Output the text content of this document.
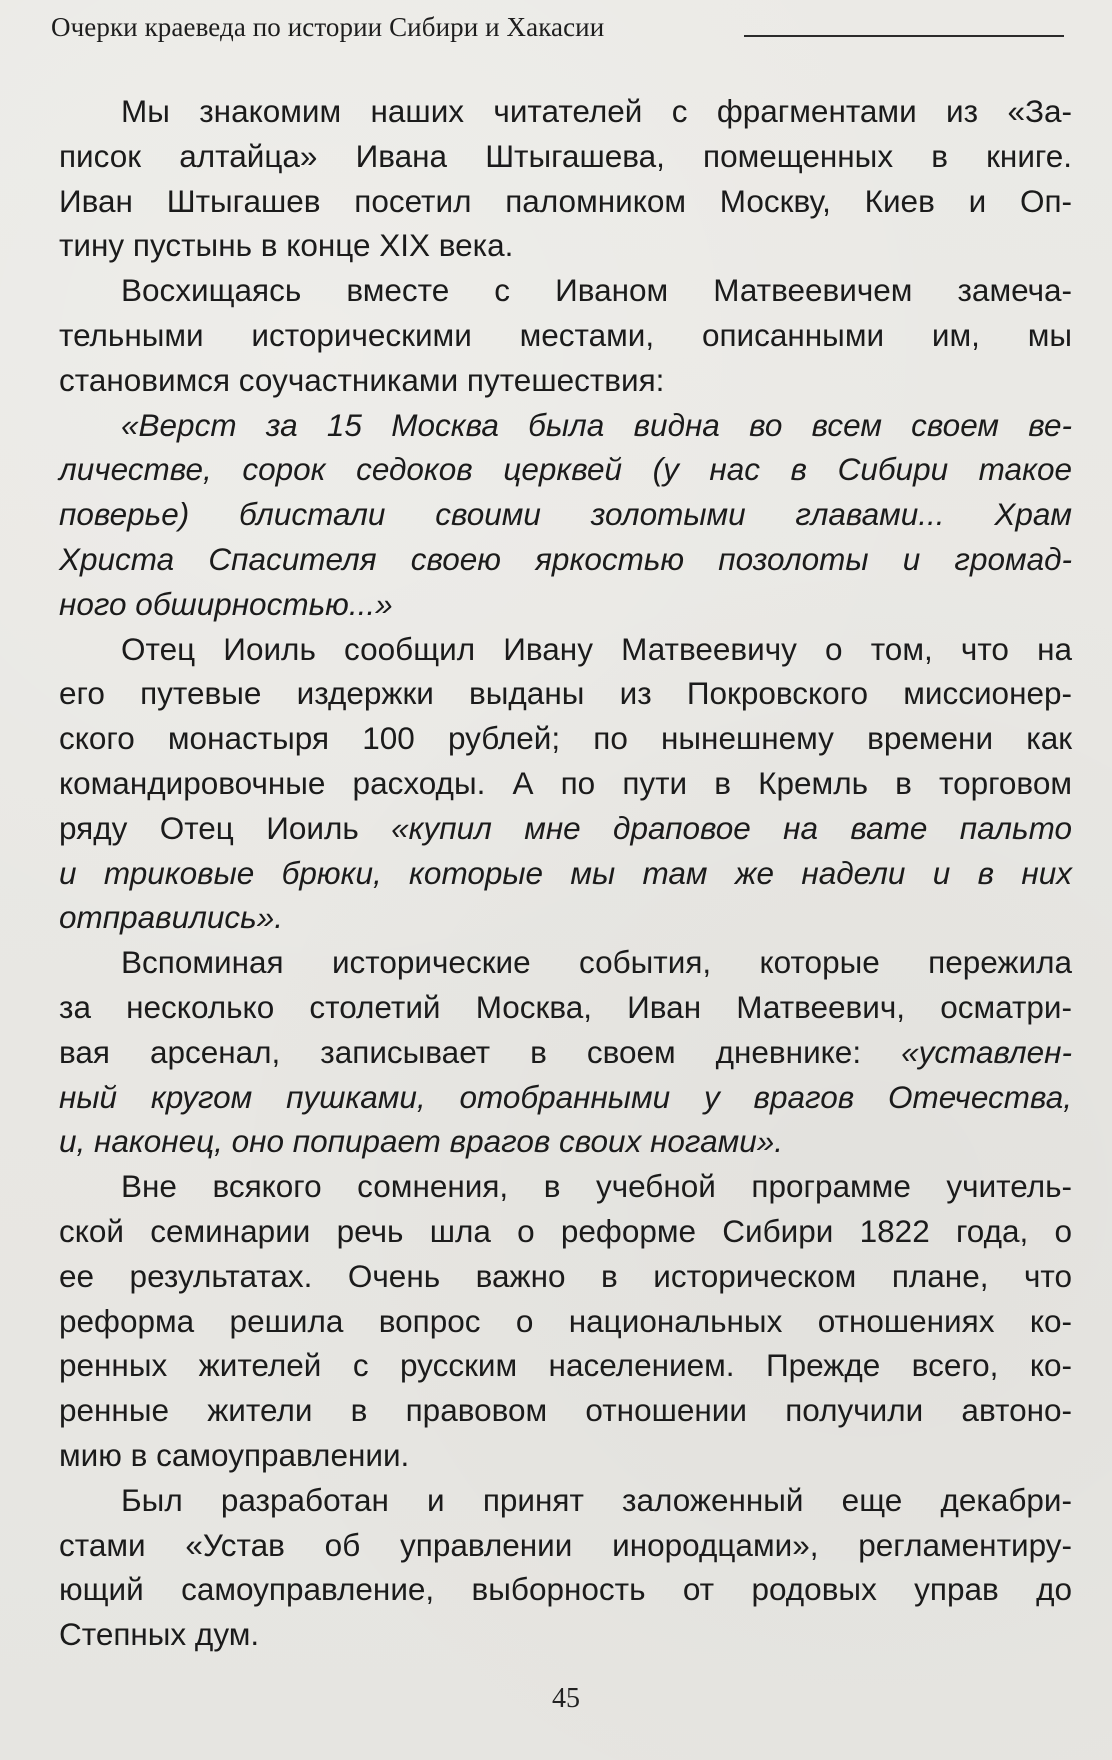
Очерки краеведа по истории Сибири и Хакасии
Мы знакомим наших читателей с фрагментами из «За-
писок алтайца» Ивана Штыгашева, помещенных в книге.
Иван Штыгашев посетил паломником Москву, Киев и Оп-
тину пустынь в конце XIX века.
Восхищаясь вместе с Иваном Матвеевичем замеча-
тельными историческими местами, описанными им, мы
становимся соучастниками путешествия:
«Верст за 15 Москва была видна во всем своем ве-
личестве, сорок седоков церквей (у нас в Сибири такое
поверье) блистали своими золотыми главами... Храм
Христа Спасителя своею яркостью позолоты и громад-
ного обширностью...»
Отец Иоиль сообщил Ивану Матвеевичу о том, что на
его путевые издержки выданы из Покровского миссионер-
ского монастыря 100 рублей; по нынешнему времени как
командировочные расходы. А по пути в Кремль в торговом
ряду Отец Иоиль «купил мне драповое на вате пальто
и триковые брюки, которые мы там же надели и в них
отправились».
Вспоминая исторические события, которые пережила
за несколько столетий Москва, Иван Матвеевич, осматри-
вая арсенал, записывает в своем дневнике: «уставлен-
ный кругом пушками, отобранными у врагов Отечества,
и, наконец, оно попирает врагов своих ногами».
Вне всякого сомнения, в учебной программе учитель-
ской семинарии речь шла о реформе Сибири 1822 года, о
ее результатах. Очень важно в историческом плане, что
реформа решила вопрос о национальных отношениях ко-
ренных жителей с русским населением. Прежде всего, ко-
ренные жители в правовом отношении получили автоно-
мию в самоуправлении.
Был разработан и принят заложенный еще декабри-
стами «Устав об управлении инородцами», регламентиру-
ющий самоуправление, выборность от родовых управ до
Степных дум.
45
